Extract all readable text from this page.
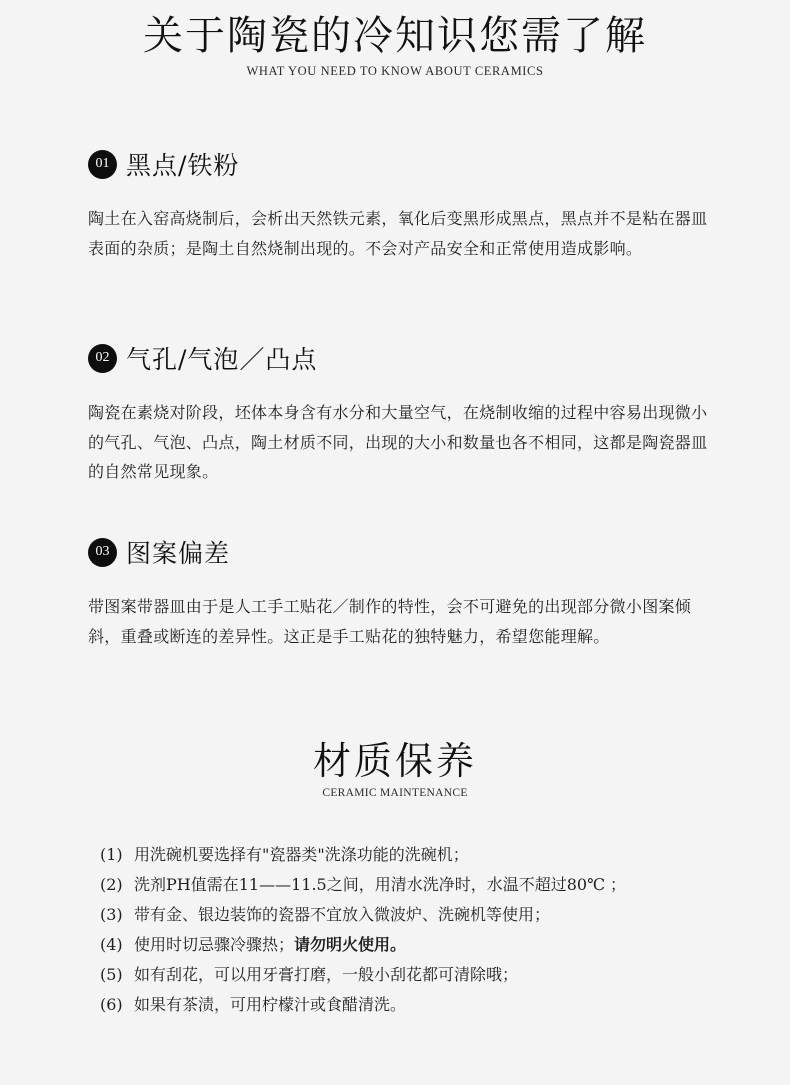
关于陶瓷的冷知识您需了解
WHAT YOU NEED TO KNOW ABOUT CERAMICS
01 黑点/铁粉
陶土在入窑高烧制后，会析出天然铁元素，氧化后变黑形成黑点，黑点并不是粘在器皿表面的杂质；是陶土自然烧制出现的。不会对产品安全和正常使用造成影响。
02 气孔/气泡／凸点
陶瓷在素烧对阶段，坯体本身含有水分和大量空气，在烧制收缩的过程中容易出现微小的气孔、气泡、凸点，陶土材质不同，出现的大小和数量也各不相同，这都是陶瓷器皿的自然常见现象。
03 图案偏差
带图案带器皿由于是人工手工贴花／制作的特性，会不可避免的出现部分微小图案倾斜，重叠或断连的差异性。这正是手工贴花的独特魅力，希望您能理解。
材质保养
CERAMIC MAINTENANCE
(1) 用洗碗机要选择有"瓷器类"洗涤功能的洗碗机；
(2) 洗剂PH值需在11——11.5之间，用清水洗净时，水温不超过80℃ ；
(3) 带有金、银边装饰的瓷器不宜放入微波炉、洗碗机等使用；
(4) 使用时切忌骤冷骤热；请勿明火使用。
(5) 如有刮花，可以用牙膏打磨，一般小刮花都可清除哦；
(6) 如果有茶渍，可用柠檬汁或食醋清洗。
